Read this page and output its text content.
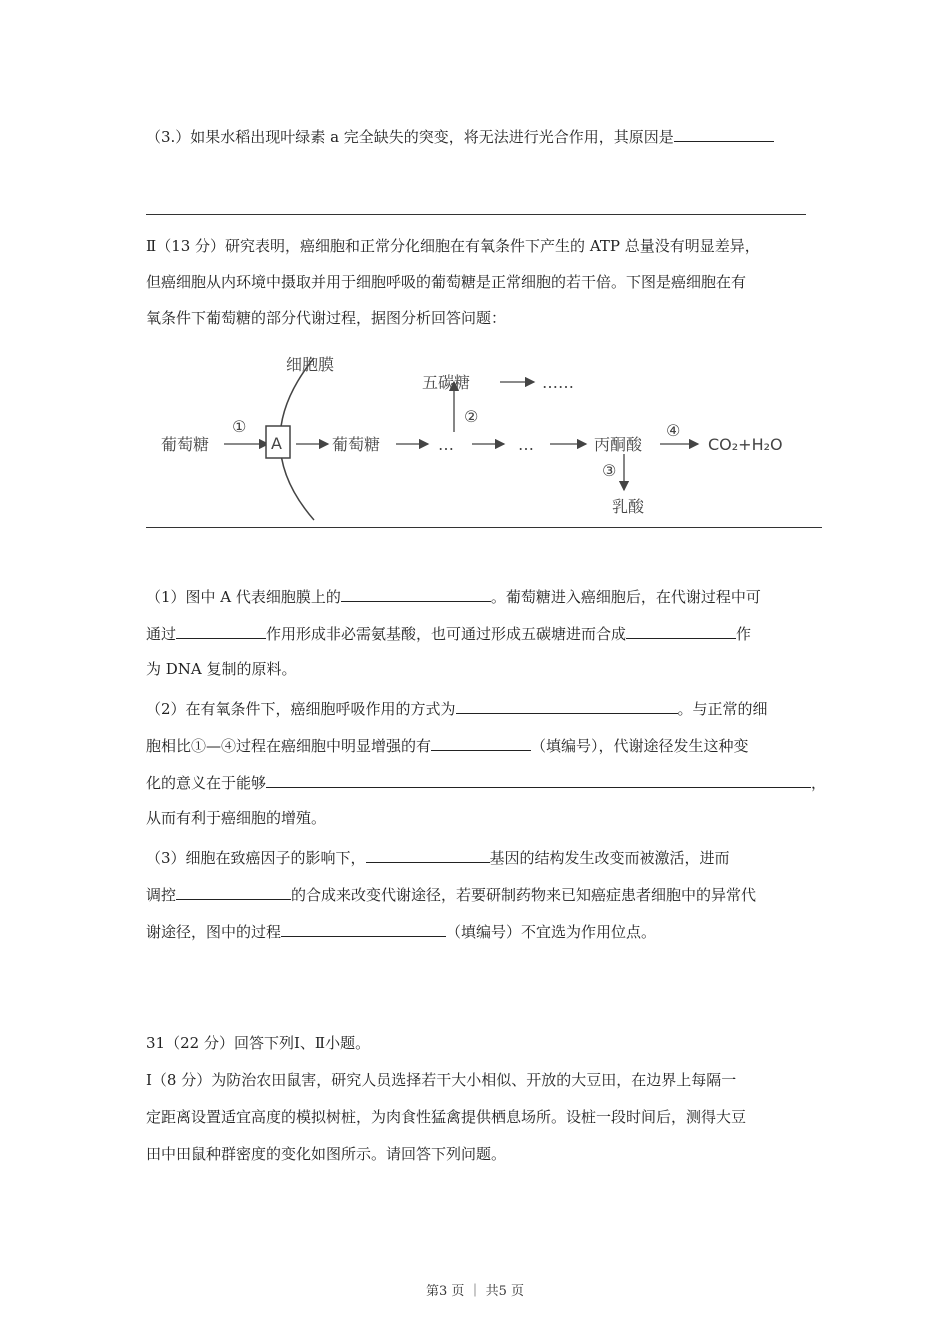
（3.）如果水稻出现叶绿素 a 完全缺失的突变，将无法进行光合作用，其原因是
Ⅱ（13 分）研究表明，癌细胞和正常分化细胞在有氧条件下产生的 ATP 总量没有明显差异，
但癌细胞从内环境中摄取并用于细胞呼吸的葡萄糖是正常细胞的若干倍。下图是癌细胞在有
氧条件下葡萄糖的部分代谢过程，据图分析回答问题：
细胞膜
葡萄糖
①
A	葡萄糖	…
②
五碳糖	……
…	丙酮酸
④
CO₂+H₂O
③
乳酸
（1）图中 A 代表细胞膜上的	。葡萄糖进入癌细胞后，在代谢过程中可
通过	作用形成非必需氨基酸，也可通过形成五碳塘进而合成	作
为 DNA 复制的原料。
（2）在有氧条件下，癌细胞呼吸作用的方式为	。与正常的细
胞相比①—④过程在癌细胞中明显增强的有	（填编号），代谢途径发生这种变
化的意义在于能够	，
从而有利于癌细胞的增殖。
（3）细胞在致癌因子的影响下，	基因的结构发生改变而被激活，进而
调控	的合成来改变代谢途径，若要研制药物来已知癌症患者细胞中的异常代
谢途径，图中的过程	（填编号）不宜选为作用位点。
31（22 分）回答下列Ⅰ、Ⅱ小题。
Ⅰ（8 分）为防治农田鼠害，研究人员选择若干大小相似、开放的大豆田，在边界上每隔一
定距离设置适宜高度的模拟树桩，为肉食性猛禽提供栖息场所。设桩一段时间后，测得大豆
田中田鼠种群密度的变化如图所示。请回答下列问题。
第3 页 ｜ 共5 页
